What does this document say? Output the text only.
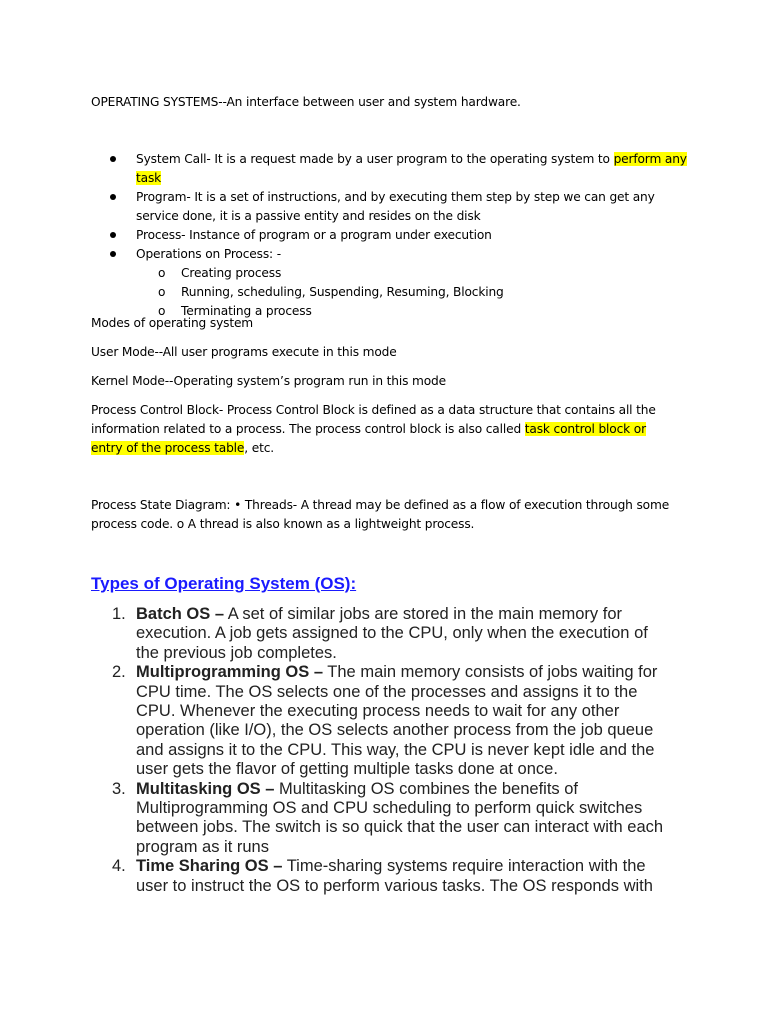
OPERATING SYSTEMS--An interface between user and system hardware.
System Call- It is a request made by a user program to the operating system to perform any task
Program- It is a set of instructions, and by executing them step by step we can get any service done, it is a passive entity and resides on the disk
Process- Instance of program or a program under execution
Operations on Process: -
o Creating process
o Running, scheduling, Suspending, Resuming, Blocking
o Terminating a process
Modes of operating system
User Mode--All user programs execute in this mode
Kernel Mode--Operating system’s program run in this mode
Process Control Block- Process Control Block is defined as a data structure that contains all the information related to a process. The process control block is also called task control block or entry of the process table, etc.
Process State Diagram: • Threads- A thread may be defined as a flow of execution through some process code. o A thread is also known as a lightweight process.
Types of Operating System (OS):
1. Batch OS – A set of similar jobs are stored in the main memory for execution. A job gets assigned to the CPU, only when the execution of the previous job completes.
2. Multiprogramming OS – The main memory consists of jobs waiting for CPU time. The OS selects one of the processes and assigns it to the CPU. Whenever the executing process needs to wait for any other operation (like I/O), the OS selects another process from the job queue and assigns it to the CPU. This way, the CPU is never kept idle and the user gets the flavor of getting multiple tasks done at once.
3. Multitasking OS – Multitasking OS combines the benefits of Multiprogramming OS and CPU scheduling to perform quick switches between jobs. The switch is so quick that the user can interact with each program as it runs
4. Time Sharing OS – Time-sharing systems require interaction with the user to instruct the OS to perform various tasks. The OS responds with
